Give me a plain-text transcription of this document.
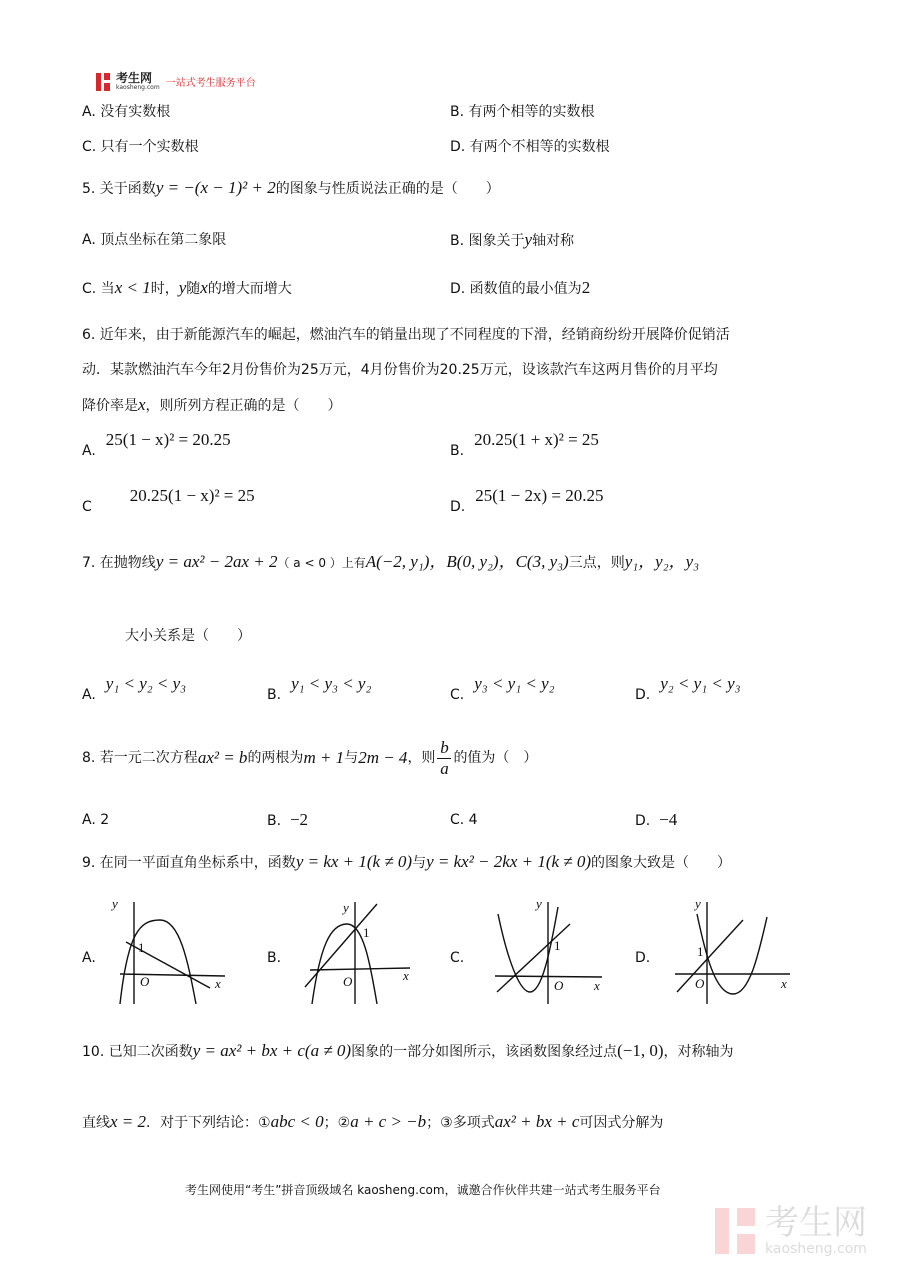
考生网
kaosheng.com 一站式考生服务平台
A. 没有实数根	B. 有两个相等的实数根
C. 只有一个实数根	D. 有两个不相等的实数根
5. 关于函数y = −(x − 1)² + 2的图象与性质说法正确的是（　　）
A. 顶点坐标在第二象限	B. 图象关于y轴对称
C. 当x < 1时，y随x的增大而增大	D. 函数值的最小值为2
6. 近年来，由于新能源汽车的崛起，燃油汽车的销量出现了不同程度的下滑，经销商纷纷开展降价促销活
动．某款燃油汽车今年2月份售价为25万元，4月份售价为20.25万元，设该款汽车这两月售价的月平均
降价率是x，则所列方程正确的是（　　）
A.25(1 − x)² = 20.25
B.20.25(1 + x)² = 25
C20.25(1 − x)² = 25
D.25(1 − 2x) = 20.25
7. 在抛物线y = ax² − 2ax + 2（ a < 0 ）上有A(−2, y₁)，B(0, y₂)，C(3, y₃)三点，则y₁，y₂，y₃
大小关系是（　　）
A.y₁ < y₂ < y₃
B.y₁ < y₃ < y₂
C.y₃ < y₁ < y₂
D.y₂ < y₁ < y₃
8. 若一元二次方程 ax² = b 的两根为 m + 1 与 2m − 4 ，则 $\frac{b}{a}$ 的值为（　）
A. 2	B. −2	C. 4	D. −4
9. 在同一平面直角坐标系中，函数y = kx + 1(k ≠ 0)与y = kx² − 2kx + 1(k ≠ 0)的图象大致是（　　）
A.	B.	C.	D.
y
x
O
1
y
x
O
1
y
x
O
1
y
x
O
1
10. 已知二次函数y = ax² + bx + c(a ≠ 0)图象的一部分如图所示，该函数图象经过点(−1, 0)，对称轴为
直线x = 2．对于下列结论：①abc < 0；②a + c > −b；③多项式ax² + bx + c可因式分解为
考生网使用“考生”拼音顶级域名 kaosheng.com，诚邀合作伙伴共建一站式考生服务平台
考生网
kaosheng.com
